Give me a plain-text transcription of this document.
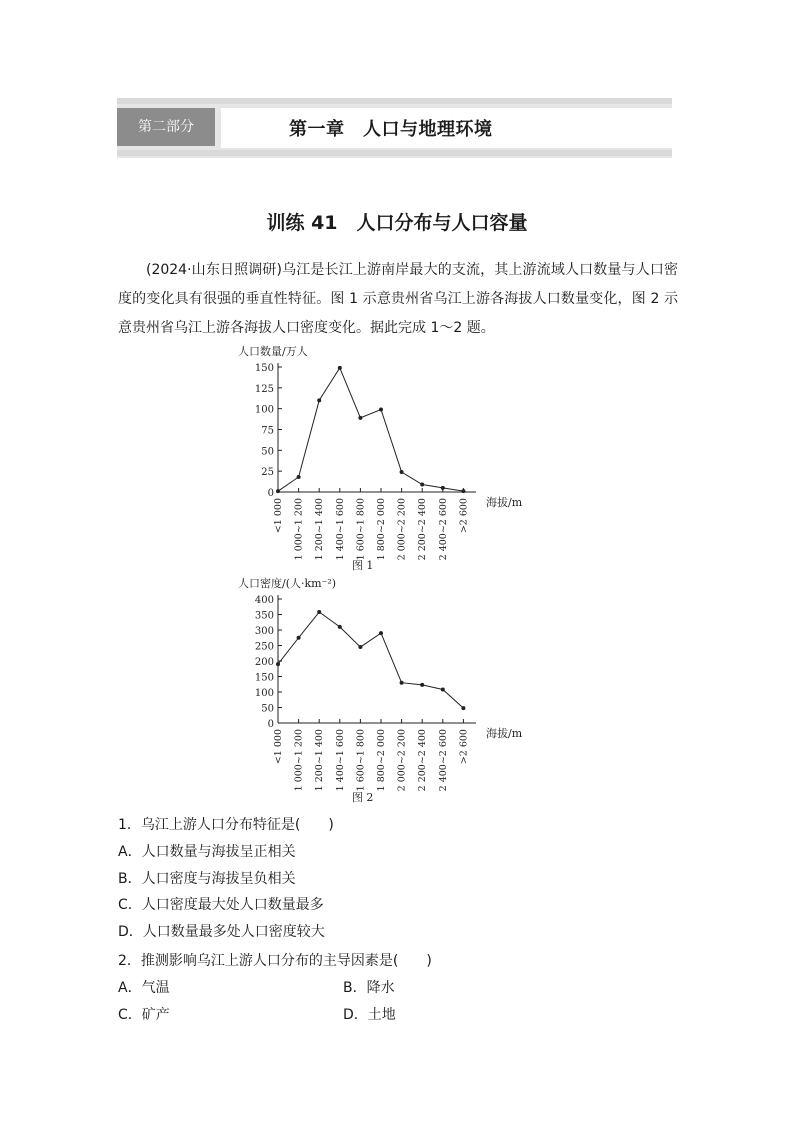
第二部分	第一章　人口与地理环境
训练 41　人口分布与人口容量
(2024·山东日照调研)乌江是长江上游南岸最大的支流，其上游流域人口数量与人口密度的变化具有很强的垂直性特征。图 1 示意贵州省乌江上游各海拔人口数量变化，图 2 示意贵州省乌江上游各海拔人口密度变化。据此完成 1～2 题。
人口数量/万人
0
25
50
75
100
125
150
<1 000 1 000~1 200 1 200~1 400 1 400~1 600 1 600~1 800 1 800~2 000 2 000~2 200 2 200~2 400 2 400~2 600 >2 600 海拔/m
图 1
人口密度/(人·km⁻²)
0
50
100
150
200
250
300
350
400
<1 000 1 000~1 200 1 200~1 400 1 400~1 600 1 600~1 800 1 800~2 000 2 000~2 200 2 200~2 400 2 400~2 600 >2 600 海拔/m
图 2
1．乌江上游人口分布特征是(　　)
A．人口数量与海拔呈正相关
B．人口密度与海拔呈负相关
C．人口密度最大处人口数量最多
D．人口数量最多处人口密度较大
2．推测影响乌江上游人口分布的主导因素是(　　)
A．气温	B．降水
C．矿产	D．土地
